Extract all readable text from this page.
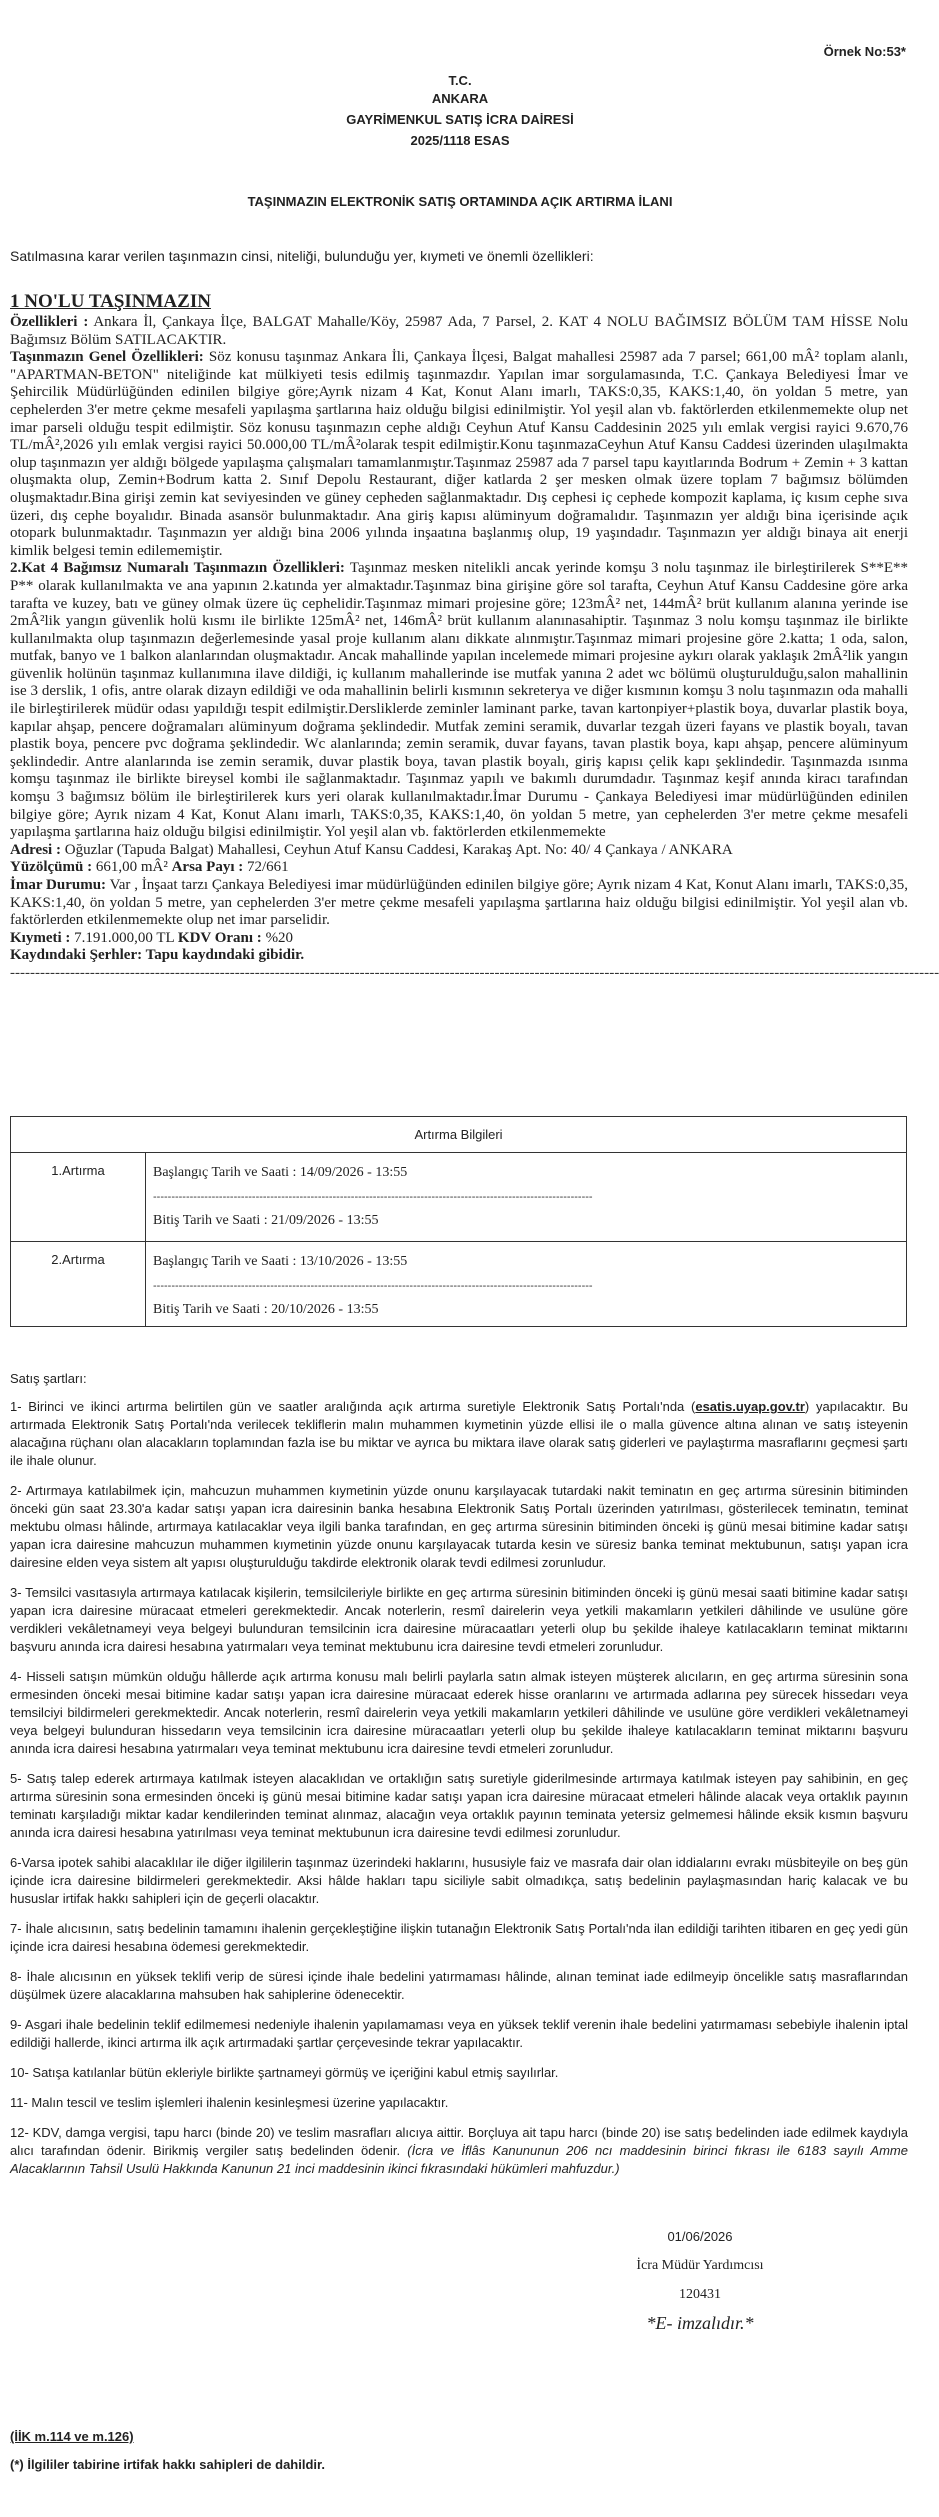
Örnek No:53*
T.C.
ANKARA
GAYRİMENKUL SATIŞ İCRA DAİRESİ
2025/1118 ESAS
TAŞINMAZIN ELEKTRONİK SATIŞ ORTAMINDA AÇIK ARTIRMA İLANI
Satılmasına karar verilen taşınmazın cinsi, niteliği, bulunduğu yer, kıymeti ve önemli özellikleri:
1 NO'LU TAŞINMAZIN
Özellikleri : Ankara İl, Çankaya İlçe, BALGAT Mahalle/Köy, 25987 Ada, 7 Parsel, 2. KAT 4 NOLU BAĞIMSIZ BÖLÜM TAM HİSSE Nolu Bağımsız Bölüm SATILACAKTIR.
Taşınmazın Genel Özellikleri: Söz konusu taşınmaz Ankara İli, Çankaya İlçesi, Balgat mahallesi 25987 ada 7 parsel; 661,00 mÂ² toplam alanlı, "APARTMAN-BETON" niteliğinde kat mülkiyeti tesis edilmiş taşınmazdır. Yapılan imar sorgulamasında, T.C. Çankaya Belediyesi İmar ve Şehircilik Müdürlüğünden edinilen bilgiye göre;Ayrık nizam 4 Kat, Konut Alanı imarlı, TAKS:0,35, KAKS:1,40, ön yoldan 5 metre, yan cephelerden 3'er metre çekme mesafeli yapılaşma şartlarına haiz olduğu bilgisi edinilmiştir. Yol yeşil alan vb. faktörlerden etkilenmemekte olup net imar parseli olduğu tespit edilmiştir. Söz konusu taşınmazın cephe aldığı Ceyhun Atuf Kansu Caddesinin 2025 yılı emlak vergisi rayici 9.670,76 TL/mÂ²,2026 yılı emlak vergisi rayici 50.000,00 TL/mÂ²olarak tespit edilmiştir.Konu taşınmazaCeyhun Atuf Kansu Caddesi üzerinden ulaşılmakta olup taşınmazın yer aldığı bölgede yapılaşma çalışmaları tamamlanmıştır.Taşınmaz 25987 ada 7 parsel tapu kayıtlarında Bodrum + Zemin + 3 kattan oluşmakta olup, Zemin+Bodrum katta 2. Sınıf Depolu Restaurant, diğer katlarda 2 şer mesken olmak üzere toplam 7 bağımsız bölümden oluşmaktadır.Bina girişi zemin kat seviyesinden ve güney cepheden sağlanmaktadır. Dış cephesi iç cephede kompozit kaplama, iç kısım cephe sıva üzeri, dış cephe boyalıdır. Binada asansör bulunmaktadır. Ana giriş kapısı alüminyum doğramalıdır. Taşınmazın yer aldığı bina içerisinde açık otopark bulunmaktadır. Taşınmazın yer aldığı bina 2006 yılında inşaatına başlanmış olup, 19 yaşındadır. Taşınmazın yer aldığı binaya ait enerji kimlik belgesi temin edilememiştir.
2.Kat 4 Bağımsız Numaralı Taşınmazın Özellikleri: Taşınmaz mesken nitelikli ancak yerinde komşu 3 nolu taşınmaz ile birleştirilerek S**E** P** olarak kullanılmakta ve ana yapının 2.katında yer almaktadır.Taşınmaz bina girişine göre sol tarafta, Ceyhun Atuf Kansu Caddesine göre arka tarafta ve kuzey, batı ve güney olmak üzere üç cephelidir.Taşınmaz mimari projesine göre; 123mÂ² net, 144mÂ² brüt kullanım alanına yerinde ise 2mÂ²lik yangın güvenlik holü kısmı ile birlikte 125mÂ² net, 146mÂ² brüt kullanım alanınasahiptir. Taşınmaz 3 nolu komşu taşınmaz ile birlikte kullanılmakta olup taşınmazın değerlemesinde yasal proje kullanım alanı dikkate alınmıştır.Taşınmaz mimari projesine göre 2.katta; 1 oda, salon, mutfak, banyo ve 1 balkon alanlarından oluşmaktadır. Ancak mahallinde yapılan incelemede mimari projesine aykırı olarak yaklaşık 2mÂ²lik yangın güvenlik holünün taşınmaz kullanımına ilave dildiği, iç kullanım mahallerinde ise mutfak yanına 2 adet wc bölümü oluşturulduğu,salon mahallinin ise 3 derslik, 1 ofis, antre olarak dizayn edildiği ve oda mahallinin belirli kısmının sekreterya ve diğer kısmının komşu 3 nolu taşınmazın oda mahalli ile birleştirilerek müdür odası yapıldığı tespit edilmiştir.Dersliklerde zeminler laminant parke, tavan kartonpiyer+plastik boya, duvarlar plastik boya, kapılar ahşap, pencere doğramaları alüminyum doğrama şeklindedir. Mutfak zemini seramik, duvarlar tezgah üzeri fayans ve plastik boyalı, tavan plastik boya, pencere pvc doğrama şeklindedir. Wc alanlarında; zemin seramik, duvar fayans, tavan plastik boya, kapı ahşap, pencere alüminyum şeklindedir. Antre alanlarında ise zemin seramik, duvar plastik boya, tavan plastik boyalı, giriş kapısı çelik kapı şeklindedir. Taşınmazda ısınma komşu taşınmaz ile birlikte bireysel kombi ile sağlanmaktadır. Taşınmaz yapılı ve bakımlı durumdadır. Taşınmaz keşif anında kiracı tarafından komşu 3 bağımsız bölüm ile birleştirilerek kurs yeri olarak kullanılmaktadır.İmar Durumu - Çankaya Belediyesi imar müdürlüğünden edinilen bilgiye göre; Ayrık nizam 4 Kat, Konut Alanı imarlı, TAKS:0,35, KAKS:1,40, ön yoldan 5 metre, yan cephelerden 3'er metre çekme mesafeli yapılaşma şartlarına haiz olduğu bilgisi edinilmiştir. Yol yeşil alan vb. faktörlerden etkilenmemekte
Adresi : Oğuzlar (Tapuda Balgat) Mahallesi, Ceyhun Atuf Kansu Caddesi, Karakaş Apt. No: 40/ 4 Çankaya / ANKARA
Yüzölçümü : 661,00 mÂ² Arsa Payı : 72/661
İmar Durumu: Var , İnşaat tarzı Çankaya Belediyesi imar müdürlüğünden edinilen bilgiye göre; Ayrık nizam 4 Kat, Konut Alanı imarlı, TAKS:0,35, KAKS:1,40, ön yoldan 5 metre, yan cephelerden 3'er metre çekme mesafeli yapılaşma şartlarına haiz olduğu bilgisi edinilmiştir. Yol yeşil alan vb. faktörlerden etkilenmemekte olup net imar parselidir.
Kıymeti : 7.191.000,00 TL KDV Oranı : %20
Kaydındaki Şerhler: Tapu kaydındaki gibidir.
------------------------------------------------------------------------------------------------------------------------------------------------------------------------------------------
Artırma Bilgileri
1.Artırma	Başlangıç Tarih ve Saati : 14/09/2026 - 13:55
------------------------------------------------------------------------------------------------------------------------
Bitiş Tarih ve Saati : 21/09/2026 - 13:55
2.Artırma	Başlangıç Tarih ve Saati : 13/10/2026 - 13:55
------------------------------------------------------------------------------------------------------------------------
Bitiş Tarih ve Saati : 20/10/2026 - 13:55
Satış şartları:

1- Birinci ve ikinci artırma belirtilen gün ve saatler aralığında açık artırma suretiyle Elektronik Satış Portalı'nda (esatis.uyap.gov.tr) yapılacaktır. Bu artırmada Elektronik Satış Portalı'nda verilecek tekliflerin malın muhammen kıymetinin yüzde ellisi ile o malla güvence altına alınan ve satış isteyenin alacağına rüçhanı olan alacakların toplamından fazla ise bu miktar ve ayrıca bu miktara ilave olarak satış giderleri ve paylaştırma masraflarını geçmesi şartı ile ihale olunur.

2- Artırmaya katılabilmek için, mahcuzun muhammen kıymetinin yüzde onunu karşılayacak tutardaki nakit teminatın en geç artırma süresinin bitiminden önceki gün saat 23.30'a kadar satışı yapan icra dairesinin banka hesabına Elektronik Satış Portalı üzerinden yatırılması, gösterilecek teminatın, teminat mektubu olması hâlinde, artırmaya katılacaklar veya ilgili banka tarafından, en geç artırma süresinin bitiminden önceki iş günü mesai bitimine kadar satışı yapan icra dairesine mahcuzun muhammen kıymetinin yüzde onunu karşılayacak tutarda kesin ve süresiz banka teminat mektubunun, satışı yapan icra dairesine elden veya sistem alt yapısı oluşturulduğu takdirde elektronik olarak tevdi edilmesi zorunludur.

3- Temsilci vasıtasıyla artırmaya katılacak kişilerin, temsilcileriyle birlikte en geç artırma süresinin bitiminden önceki iş günü mesai saati bitimine kadar satışı yapan icra dairesine müracaat etmeleri gerekmektedir. Ancak noterlerin, resmî dairelerin veya yetkili makamların yetkileri dâhilinde ve usulüne göre verdikleri vekâletnameyi veya belgeyi bulunduran temsilcinin icra dairesine müracaatları yeterli olup bu şekilde ihaleye katılacakların teminat miktarını başvuru anında icra dairesi hesabına yatırmaları veya teminat mektubunu icra dairesine tevdi etmeleri zorunludur.

4- Hisseli satışın mümkün olduğu hâllerde açık artırma konusu malı belirli paylarla satın almak isteyen müşterek alıcıların, en geç artırma süresinin sona ermesinden önceki mesai bitimine kadar satışı yapan icra dairesine müracaat ederek hisse oranlarını ve artırmada adlarına pey sürecek hissedarı veya temsilciyi bildirmeleri gerekmektedir. Ancak noterlerin, resmî dairelerin veya yetkili makamların yetkileri dâhilinde ve usulüne göre verdikleri vekâletnameyi veya belgeyi bulunduran hissedarın veya temsilcinin icra dairesine müracaatları yeterli olup bu şekilde ihaleye katılacakların teminat miktarını başvuru anında icra dairesi hesabına yatırmaları veya teminat mektubunu icra dairesine tevdi etmeleri zorunludur.

5- Satış talep ederek artırmaya katılmak isteyen alacaklıdan ve ortaklığın satış suretiyle giderilmesinde artırmaya katılmak isteyen pay sahibinin, en geç artırma süresinin sona ermesinden önceki iş günü mesai bitimine kadar satışı yapan icra dairesine müracaat etmeleri hâlinde alacak veya ortaklık payının teminatı karşıladığı miktar kadar kendilerinden teminat alınmaz, alacağın veya ortaklık payının teminata yetersiz gelmemesi hâlinde eksik kısmın başvuru anında icra dairesi hesabına yatırılması veya teminat mektubunun icra dairesine tevdi edilmesi zorunludur.

6-Varsa ipotek sahibi alacaklılar ile diğer ilgililerin taşınmaz üzerindeki haklarını, hususiyle faiz ve masrafa dair olan iddialarını evrakı müsbiteyile on beş gün içinde icra dairesine bildirmeleri gerekmektedir. Aksi hâlde hakları tapu siciliyle sabit olmadıkça, satış bedelinin paylaşmasından hariç kalacak ve bu hususlar irtifak hakkı sahipleri için de geçerli olacaktır.

7- İhale alıcısının, satış bedelinin tamamını ihalenin gerçekleştiğine ilişkin tutanağın Elektronik Satış Portalı'nda ilan edildiği tarihten itibaren en geç yedi gün içinde icra dairesi hesabına ödemesi gerekmektedir.

8- İhale alıcısının en yüksek teklifi verip de süresi içinde ihale bedelini yatırmaması hâlinde, alınan teminat iade edilmeyip öncelikle satış masraflarından düşülmek üzere alacaklarına mahsuben hak sahiplerine ödenecektir.

9- Asgari ihale bedelinin teklif edilmemesi nedeniyle ihalenin yapılamaması veya en yüksek teklif verenin ihale bedelini yatırmaması sebebiyle ihalenin iptal edildiği hallerde, ikinci artırma ilk açık artırmadaki şartlar çerçevesinde tekrar yapılacaktır.

10- Satışa katılanlar bütün ekleriyle birlikte şartnameyi görmüş ve içeriğini kabul etmiş sayılırlar.

11- Malın tescil ve teslim işlemleri ihalenin kesinleşmesi üzerine yapılacaktır.

12- KDV, damga vergisi, tapu harcı (binde 20) ve teslim masrafları alıcıya aittir. Borçluya ait tapu harcı (binde 20) ise satış bedelinden iade edilmek kaydıyla alıcı tarafından ödenir. Birikmiş vergiler satış bedelinden ödenir. (İcra ve İflâs Kanununun 206 ncı maddesinin birinci fıkrası ile 6183 sayılı Amme Alacaklarının Tahsil Usulü Hakkında Kanunun 21 inci maddesinin ikinci fıkrasındaki hükümleri mahfuzdur.)

01/06/2026
İcra Müdür Yardımcısı
120431
*E- imzalıdır.*
(İİK m.114 ve m.126)
(*) İlgililer tabirine irtifak hakkı sahipleri de dahildir.
